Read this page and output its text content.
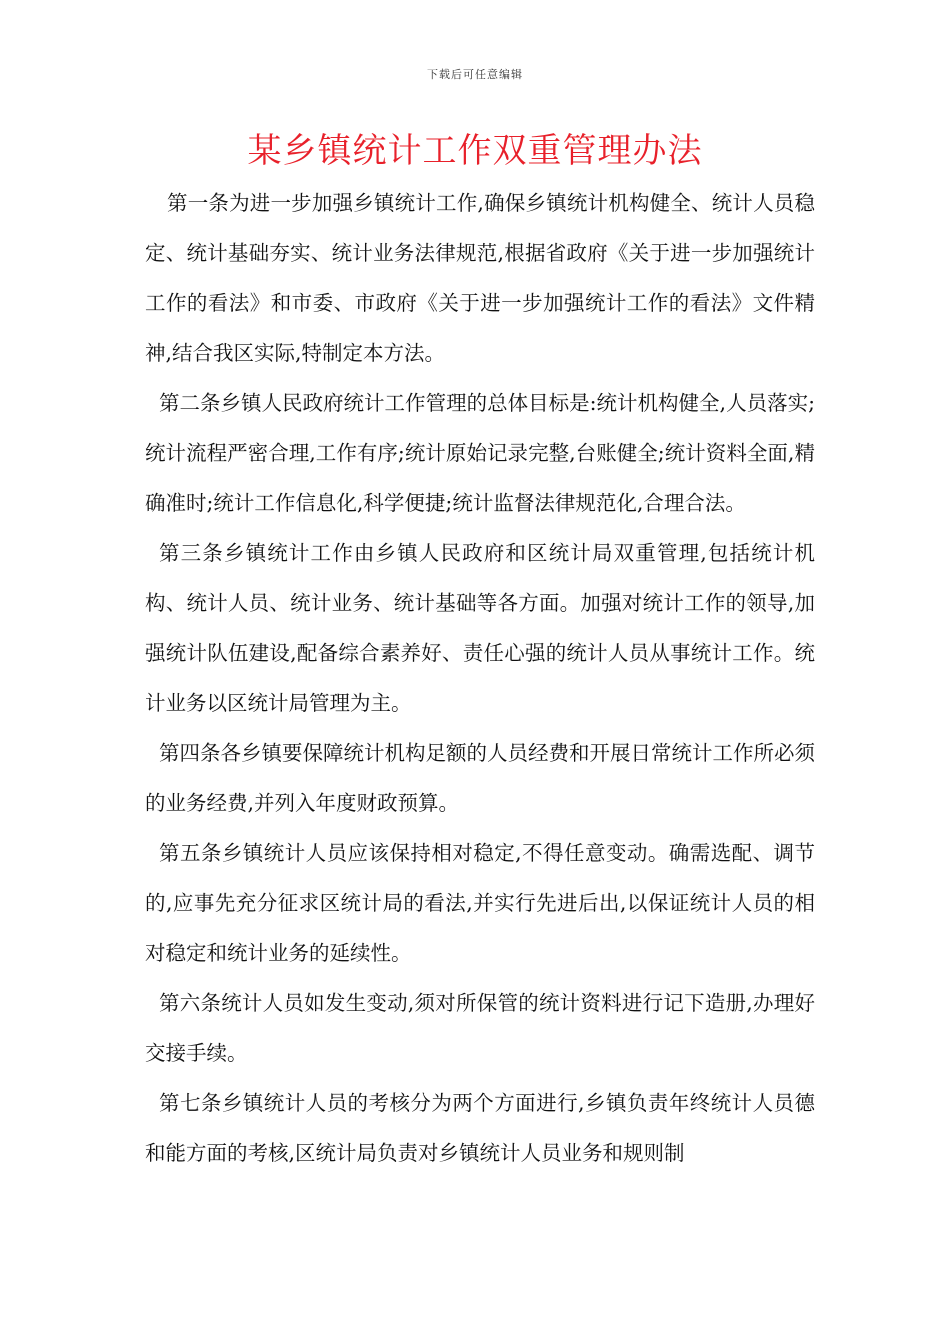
下载后可任意编辑
某乡镇统计工作双重管理办法

第一条为进一步加强乡镇统计工作,确保乡镇统计机构健全、统计人员稳定、统计基础夯实、统计业务法律规范,根据省政府《关于进一步加强统计工作的看法》和市委、市政府《关于进一步加强统计工作的看法》文件精神,结合我区实际,特制定本方法。

第二条乡镇人民政府统计工作管理的总体目标是:统计机构健全,人员落实;统计流程严密合理,工作有序;统计原始记录完整,台账健全;统计资料全面,精确准时;统计工作信息化,科学便捷;统计监督法律规范化,合理合法。

第三条乡镇统计工作由乡镇人民政府和区统计局双重管理,包括统计机构、统计人员、统计业务、统计基础等各方面。加强对统计工作的领导,加强统计队伍建设,配备综合素养好、责任心强的统计人员从事统计工作。统计业务以区统计局管理为主。

第四条各乡镇要保障统计机构足额的人员经费和开展日常统计工作所必须的业务经费,并列入年度财政预算。

第五条乡镇统计人员应该保持相对稳定,不得任意变动。确需选配、调节的,应事先充分征求区统计局的看法,并实行先进后出,以保证统计人员的相对稳定和统计业务的延续性。

第六条统计人员如发生变动,须对所保管的统计资料进行记下造册,办理好交接手续。

第七条乡镇统计人员的考核分为两个方面进行,乡镇负责年终统计人员德和能方面的考核,区统计局负责对乡镇统计人员业务和规则制
